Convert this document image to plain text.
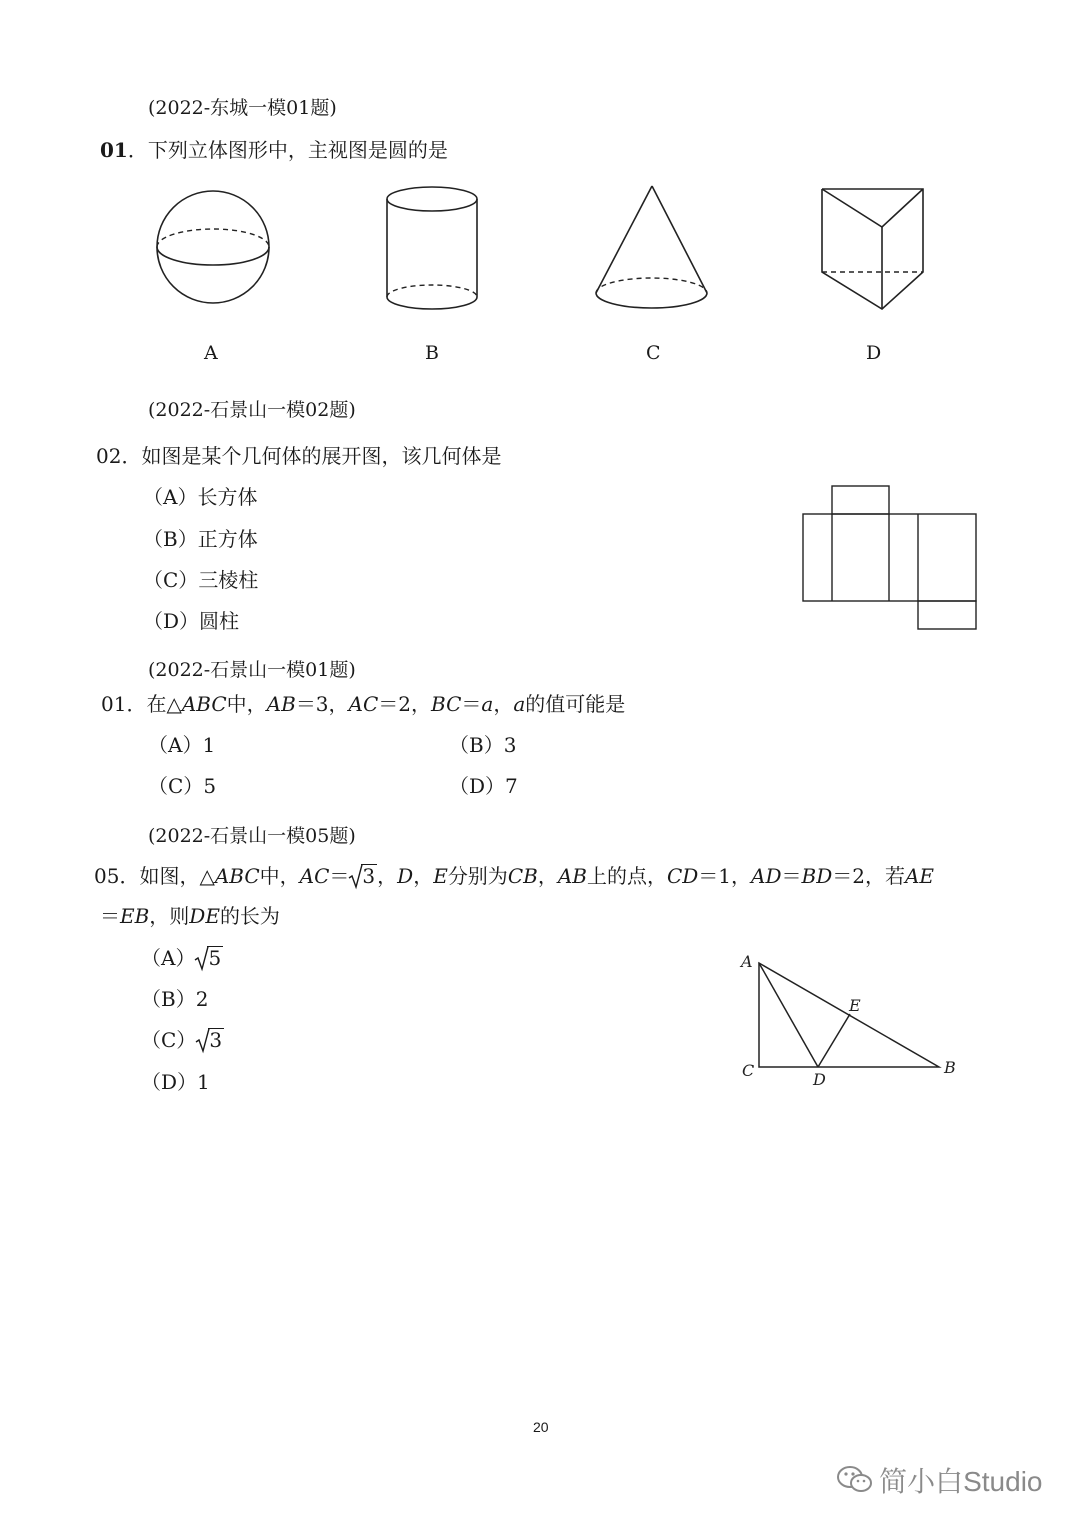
(2022-东城一模01题)
01．下列立体图形中，主视图是圆的是
A	B	C	D
(2022-石景山一模02题)
02．如图是某个几何体的展开图，该几何体是
（A）长方体
（B）正方体
（C）三棱柱
（D）圆柱
(2022-石景山一模01题)
01．在△ABC中，AB＝3，AC＝2，BC＝a，a的值可能是
（A）1	（B）3
（C）5	（D）7
(2022-石景山一模05题)
05．如图，△ABC中，AC＝ 3 ，D，E分别为CB，AB上的点，CD＝1，AD＝BD＝2，若AE
＝EB，则DE的长为
（A） 5
（B）2
（C） 3
（D）1
A
C	D
E
B
20
简小白Studio
